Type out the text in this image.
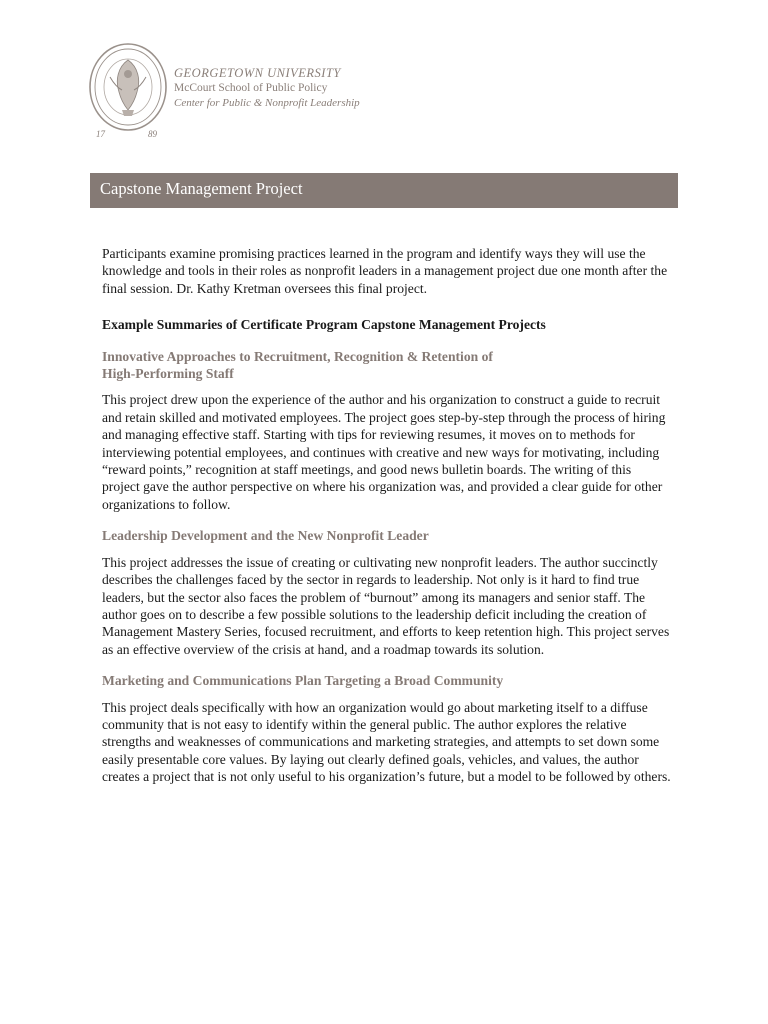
17	89
GEORGETOWN UNIVERSITY
McCourt School of Public Policy
Center for Public & Nonprofit Leadership
Capstone Management Project

Participants examine promising practices learned in the program and identify ways they will use the knowledge and tools in their roles as nonprofit leaders in a management project due one month after the final session. Dr. Kathy Kretman oversees this final project.

Example Summaries of Certificate Program Capstone Management Projects

Innovative Approaches to Recruitment, Recognition & Retention of
High-Performing Staff

This project drew upon the experience of the author and his organization to construct a guide to recruit and retain skilled and motivated employees. The project goes step-by-step through the process of hiring and managing effective staff. Starting with tips for reviewing resumes, it moves on to methods for interviewing potential employees, and continues with creative and new ways for motivating, including “reward points,” recognition at staff meetings, and good news bulletin boards. The writing of this project gave the author perspective on where his organization was, and provided a clear guide for other organizations to follow.

Leadership Development and the New Nonprofit Leader

This project addresses the issue of creating or cultivating new nonprofit leaders. The author succinctly describes the challenges faced by the sector in regards to leadership. Not only is it hard to find true leaders, but the sector also faces the problem of “burnout” among its managers and senior staff. The author goes on to describe a few possible solutions to the leadership deficit including the creation of Management Mastery Series, focused recruitment, and efforts to keep retention high. This project serves as an effective overview of the crisis at hand, and a roadmap towards its solution.

Marketing and Communications Plan Targeting a Broad Community

This project deals specifically with how an organization would go about marketing itself to a diffuse community that is not easy to identify within the general public. The author explores the relative strengths and weaknesses of communications and marketing strategies, and attempts to set down some easily presentable core values. By laying out clearly defined goals, vehicles, and values, the author creates a project that is not only useful to his organization’s future, but a model to be followed by others.
